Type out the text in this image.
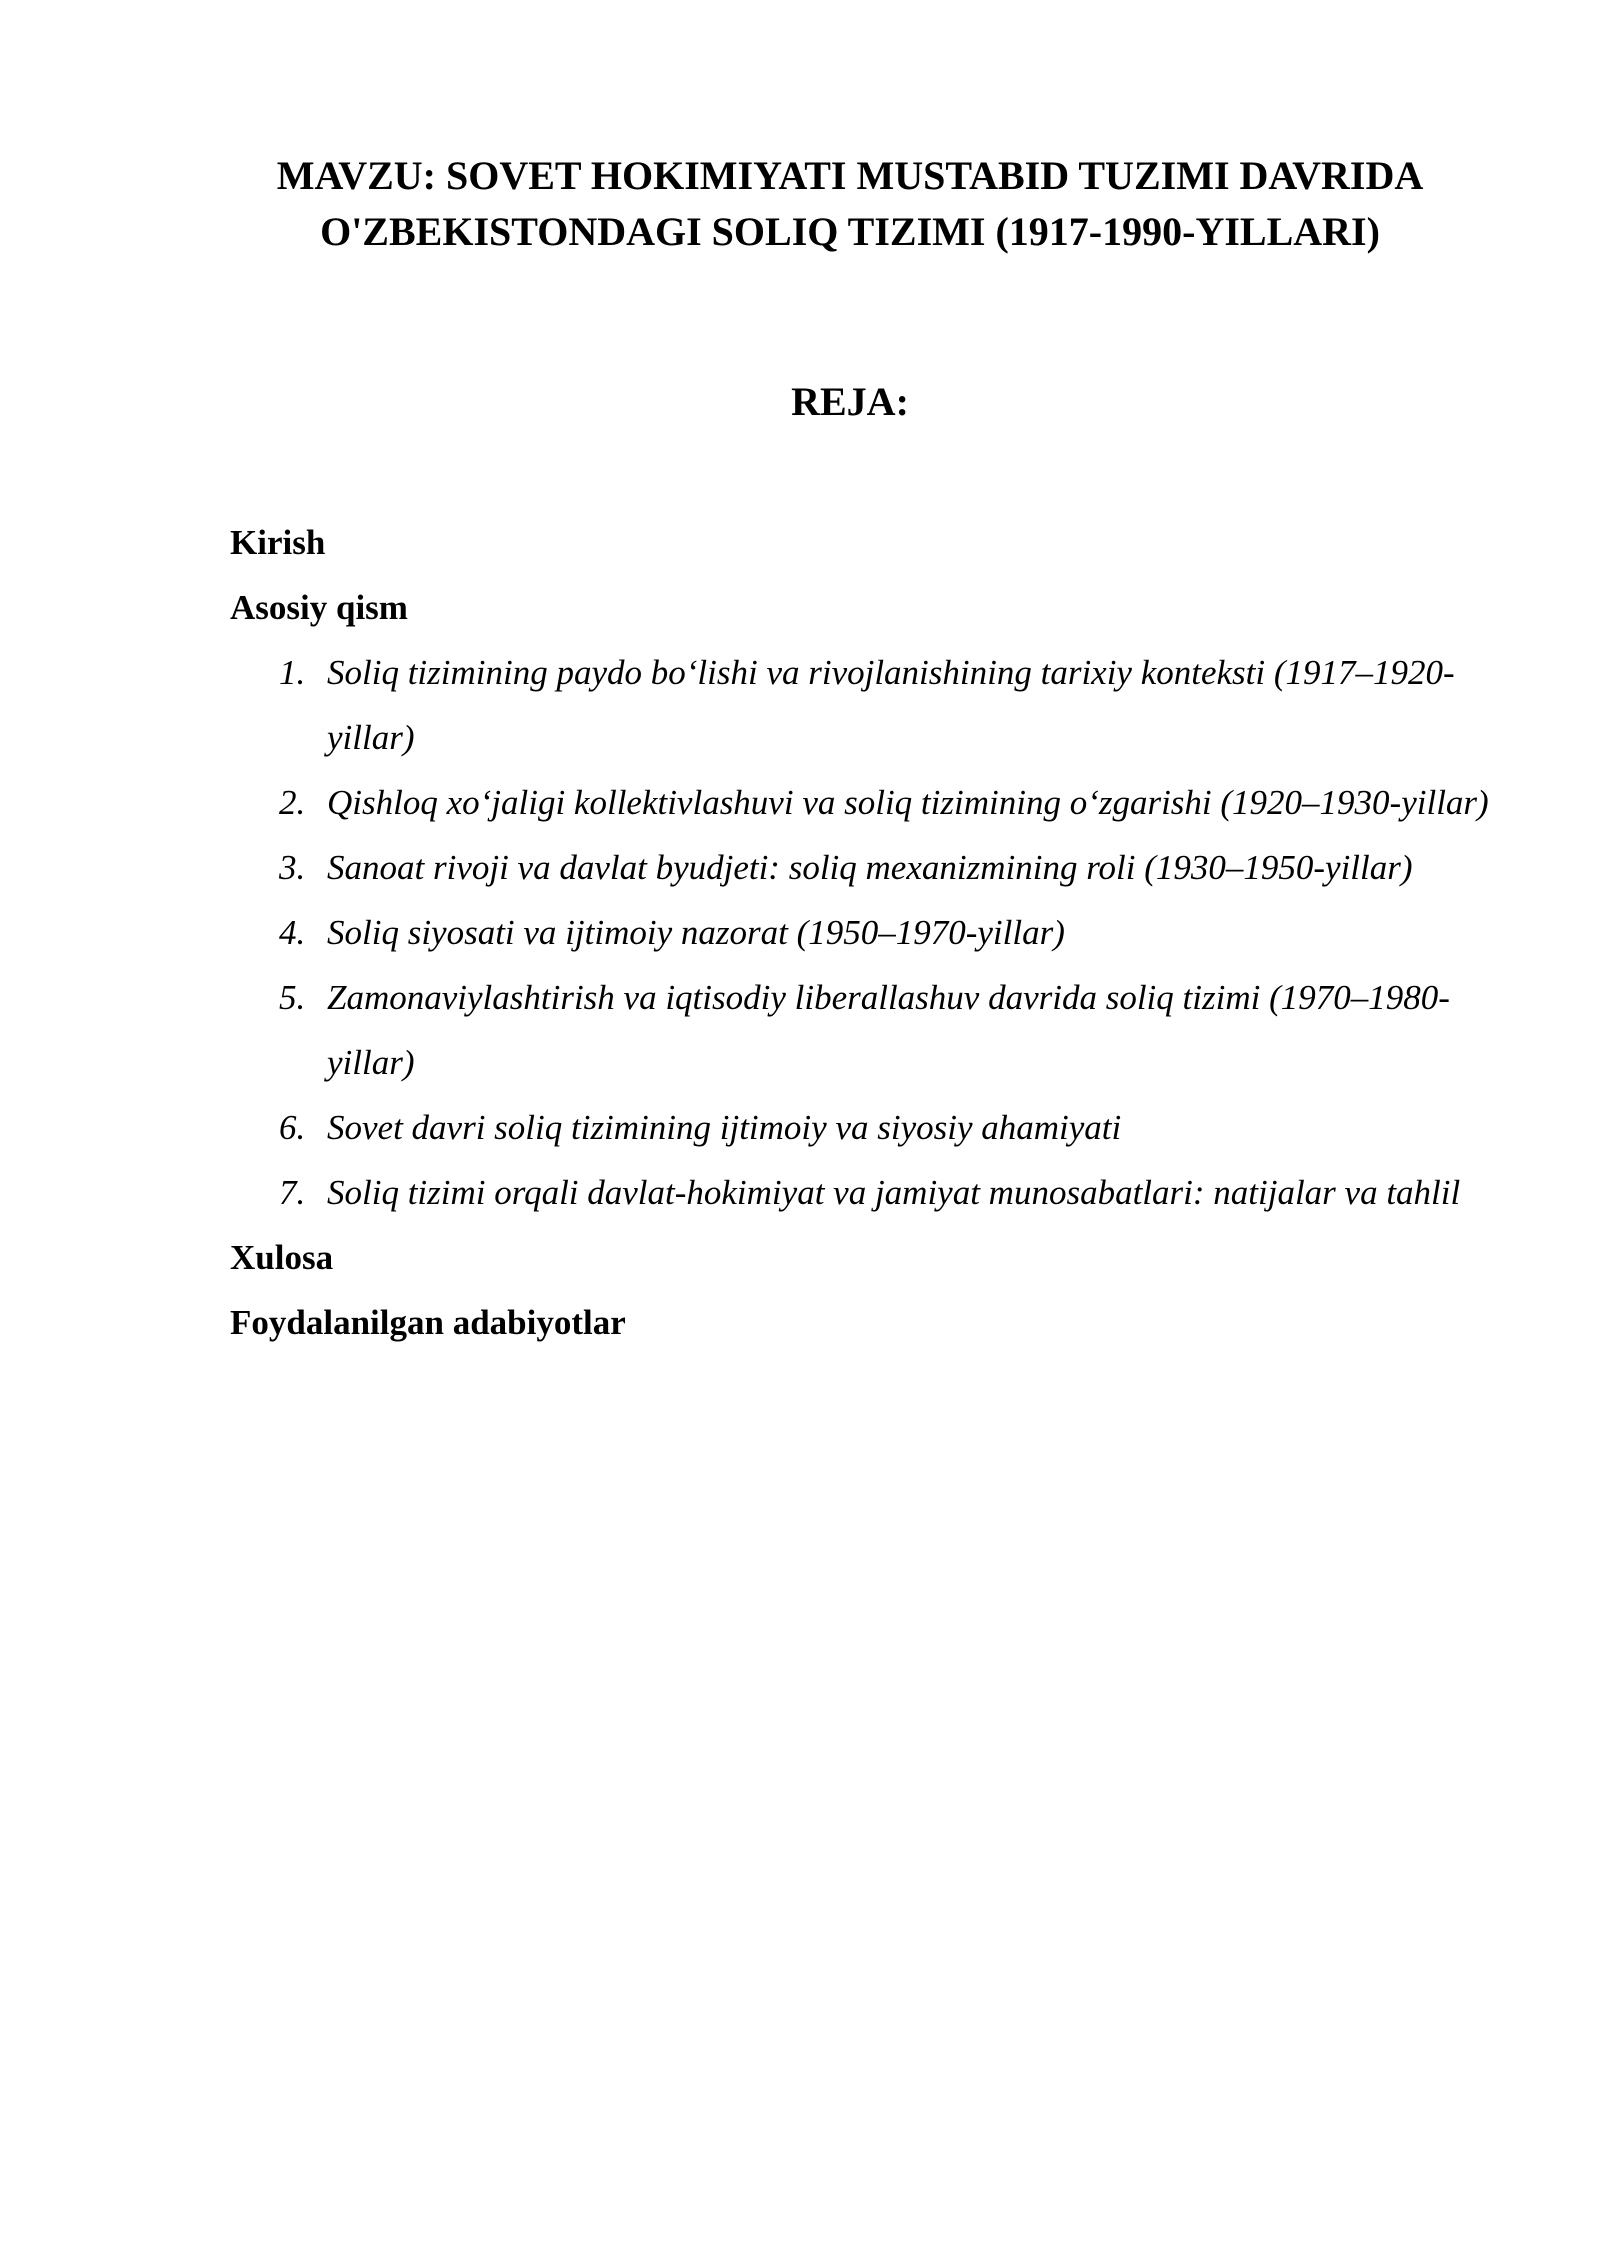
MAVZU: SOVET HOKIMIYATI MUSTABID TUZIMI DAVRIDA
O'ZBEKISTONDAGI SOLIQ TIZIMI (1917-1990-YILLARI)
REJA:

Kirish

Asosiy qism

1. Soliq tizimining paydo bo‘lishi va rivojlanishining tarixiy konteksti (1917–1920-yillar)
2. Qishloq xo‘jaligi kollektivlashuvi va soliq tizimining o‘zgarishi (1920–1930-yillar)
3. Sanoat rivoji va davlat byudjeti: soliq mexanizmining roli (1930–1950-yillar)
4. Soliq siyosati va ijtimoiy nazorat (1950–1970-yillar)
5. Zamonaviylashtirish va iqtisodiy liberallashuv davrida soliq tizimi (1970–1980-yillar)
6. Sovet davri soliq tizimining ijtimoiy va siyosiy ahamiyati
7. Soliq tizimi orqali davlat-hokimiyat va jamiyat munosabatlari: natijalar va tahlil

Xulosa

Foydalanilgan adabiyotlar
